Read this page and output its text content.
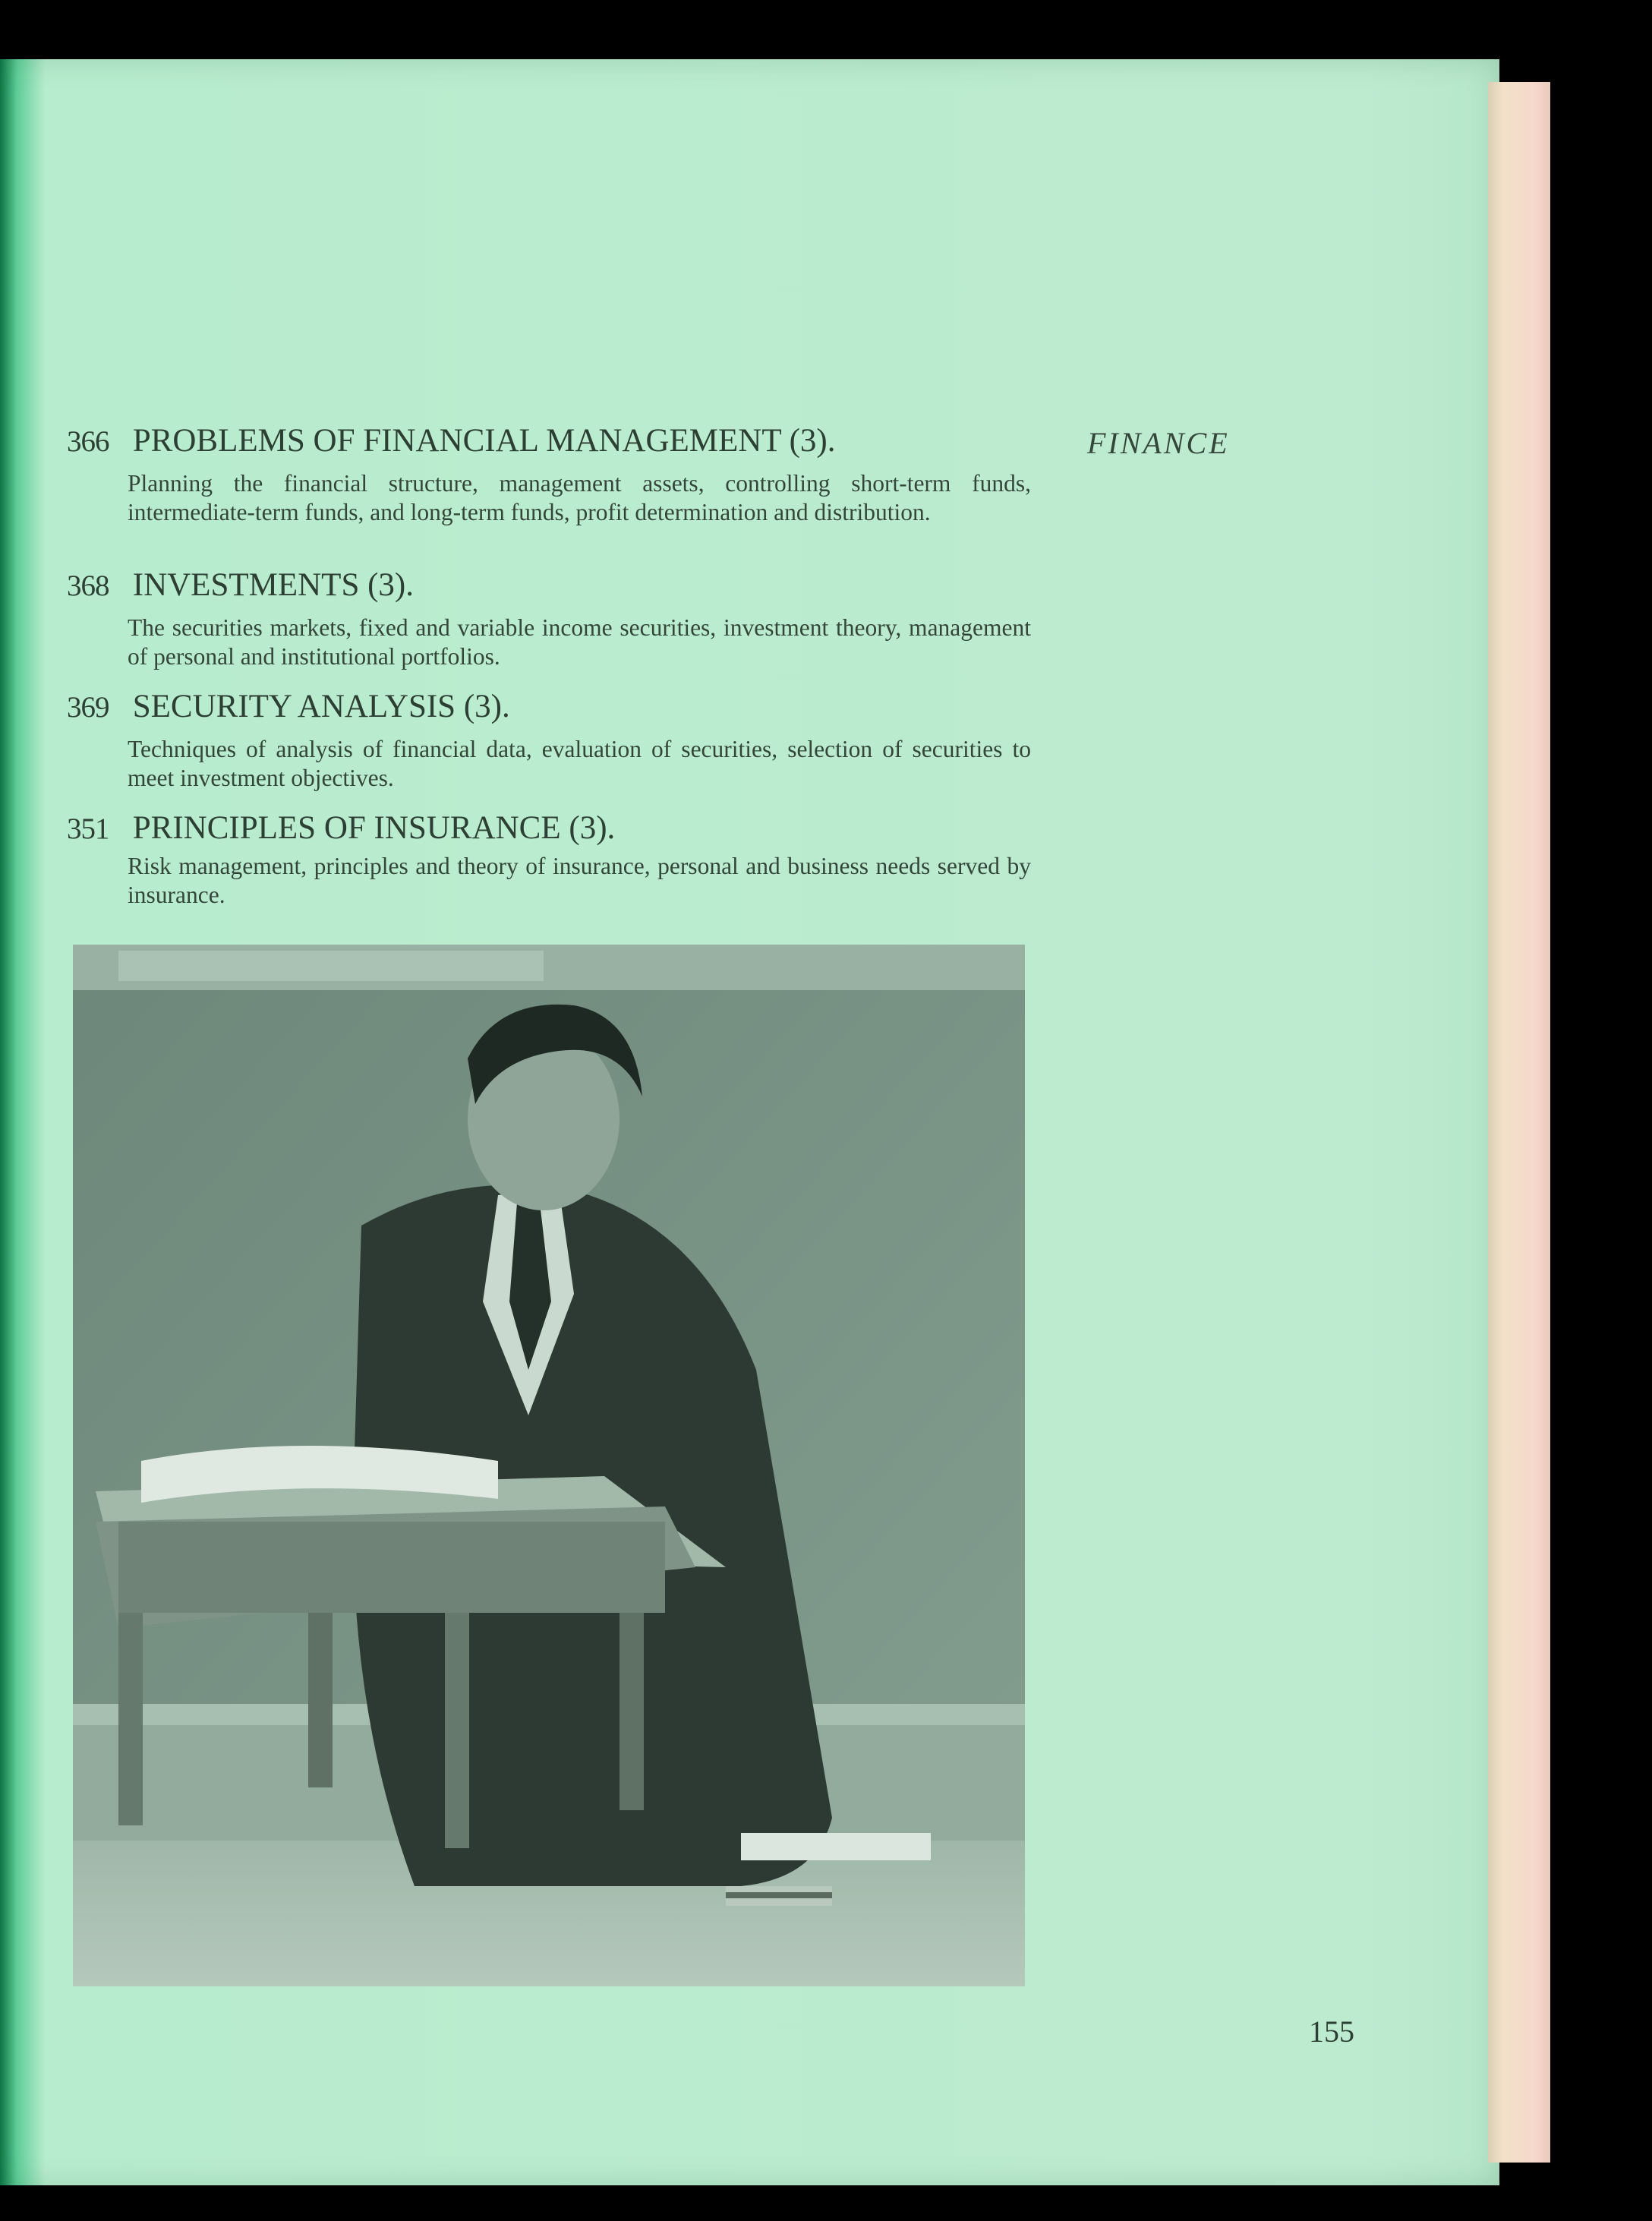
FINANCE
366 PROBLEMS OF FINANCIAL MANAGEMENT (3).
Planning the financial structure, management assets, controlling short-term funds, intermediate-term funds, and long-term funds, profit determination and distribution.
368 INVESTMENTS (3).
The securities markets, fixed and variable income securities, investment theory, management of personal and institutional portfolios.
369 SECURITY ANALYSIS (3).
Techniques of analysis of financial data, evaluation of securities, selection of securities to meet investment objectives.
351 PRINCIPLES OF INSURANCE (3).
Risk management, principles and theory of insurance, personal and business needs served by insurance.
155
